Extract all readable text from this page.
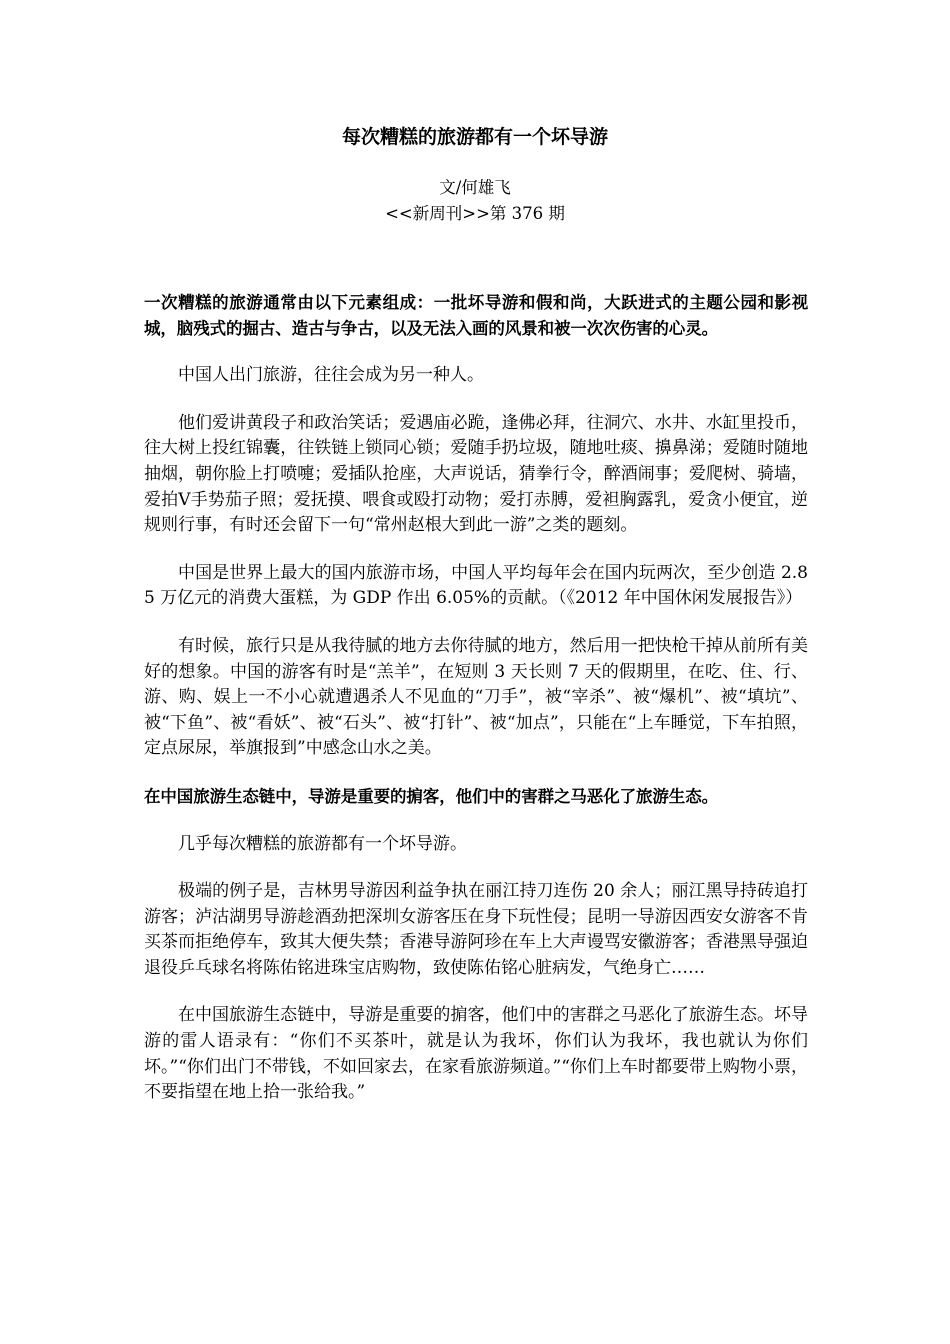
每次糟糕的旅游都有一个坏导游

文/何雄飞

<<新周刊>>第 376 期

一次糟糕的旅游通常由以下元素组成：一批坏导游和假和尚，大跃进式的主题公园和影视城，脑残式的掘古、造古与争古，以及无法入画的风景和被一次次伤害的心灵。

中国人出门旅游，往往会成为另一种人。

他们爱讲黄段子和政治笑话；爱遇庙必跪，逢佛必拜，往洞穴、水井、水缸里投币，往大树上投红锦囊，往铁链上锁同心锁；爱随手扔垃圾，随地吐痰、擤鼻涕；爱随时随地抽烟，朝你脸上打喷嚏；爱插队抢座，大声说话，猜拳行令，醉酒闹事；爱爬树、骑墙，爱拍Ⅴ手势茄子照；爱抚摸、喂食或殴打动物；爱打赤膊，爱袒胸露乳，爱贪小便宜，逆规则行事，有时还会留下一句“常州赵根大到此一游”之类的题刻。

中国是世界上最大的国内旅游市场，中国人平均每年会在国内玩两次，至少创造 2.85 万亿元的消费大蛋糕，为 GDP 作出 6.05%的贡献。（《2012 年中国休闲发展报告》）

有时候，旅行只是从我待腻的地方去你待腻的地方，然后用一把快枪干掉从前所有美好的想象。中国的游客有时是“羔羊”，在短则 3 天长则 7 天的假期里，在吃、住、行、游、购、娱上一不小心就遭遇杀人不见血的“刀手”，被“宰杀”、被“爆机”、被“填坑”、被“下鱼”、被“看妖”、被“石头”、被“打针”、被“加点”，只能在“上车睡觉，下车拍照，定点尿尿，举旗报到”中感念山水之美。

在中国旅游生态链中，导游是重要的掮客，他们中的害群之马恶化了旅游生态。

几乎每次糟糕的旅游都有一个坏导游。

极端的例子是，吉林男导游因利益争执在丽江持刀连伤 20 余人；丽江黑导持砖追打游客；泸沽湖男导游趁酒劲把深圳女游客压在身下玩性侵；昆明一导游因西安女游客不肯买茶而拒绝停车，致其大便失禁；香港导游阿珍在车上大声谩骂安徽游客；香港黑导强迫退役乒乓球名将陈佑铭进珠宝店购物，致使陈佑铭心脏病发，气绝身亡……

在中国旅游生态链中，导游是重要的掮客，他们中的害群之马恶化了旅游生态。坏导游的雷人语录有：“你们不买茶叶，就是认为我坏，你们认为我坏，我也就认为你们坏。”“你们出门不带钱，不如回家去，在家看旅游频道。”“你们上车时都要带上购物小票，不要指望在地上拾一张给我。”
